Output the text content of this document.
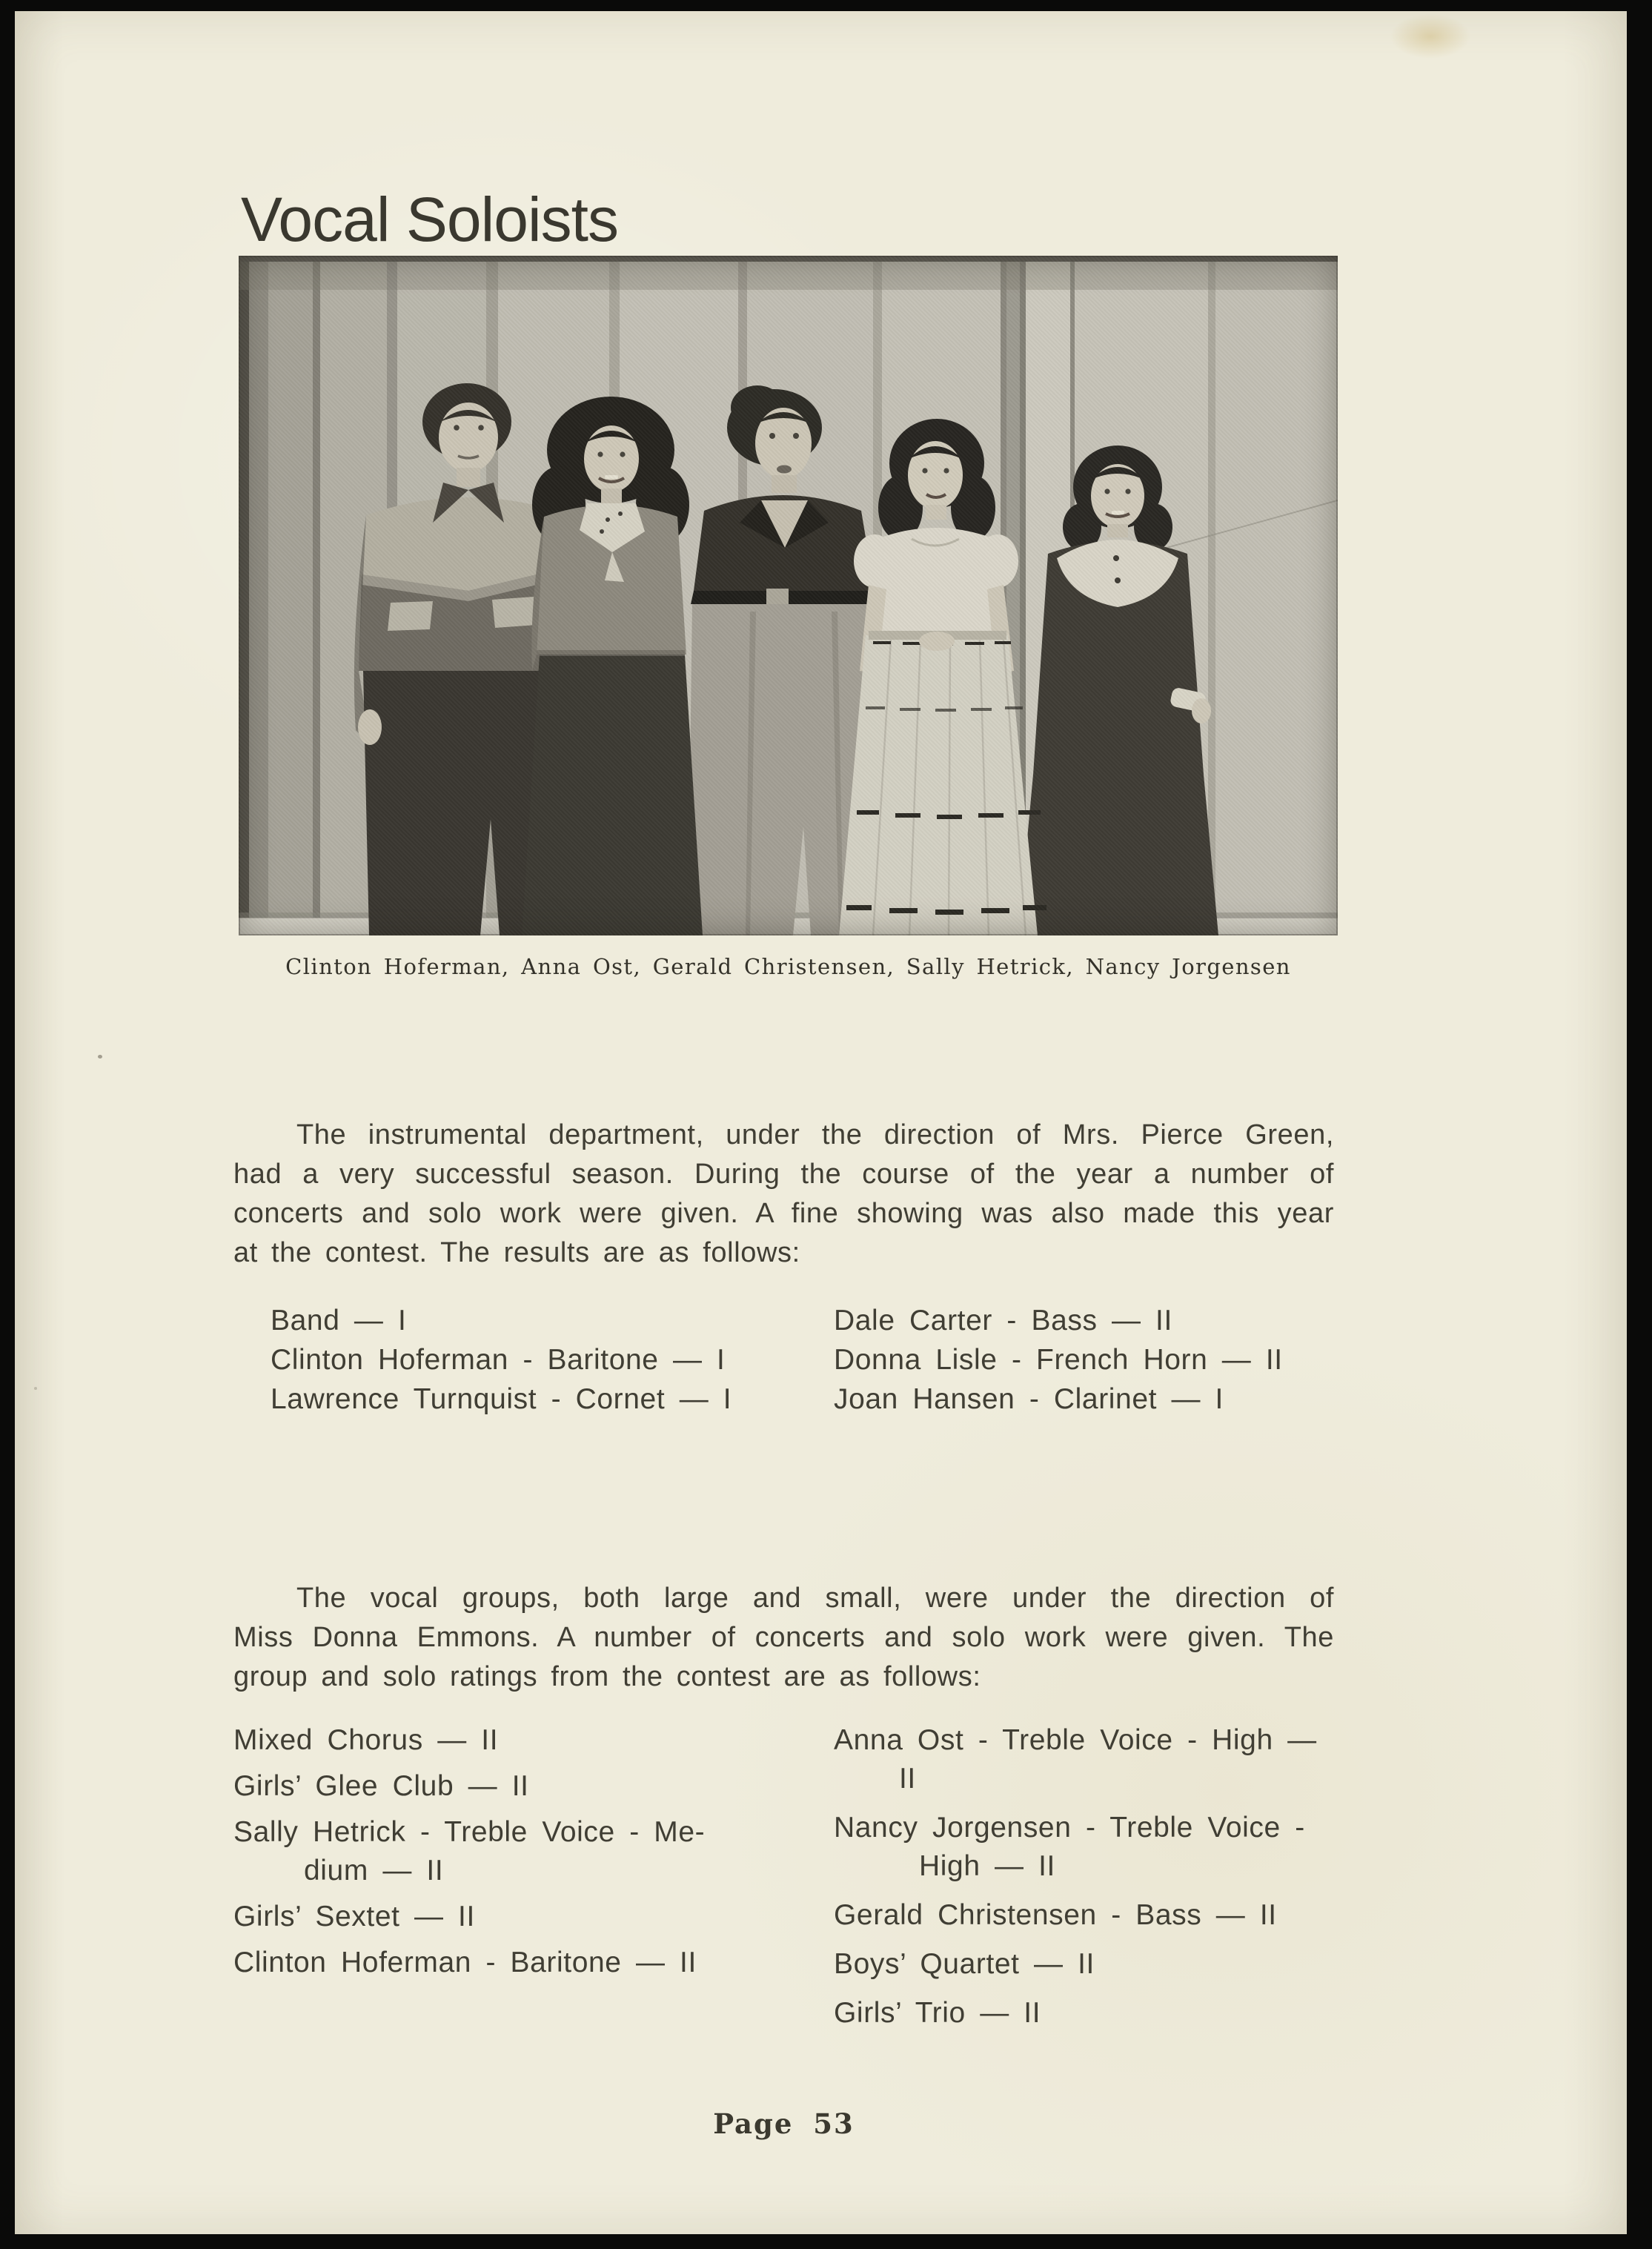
Vocal Soloists
Clinton Hoferman, Anna Ost, Gerald Christensen, Sally Hetrick, Nancy Jorgensen
The instrumental department, under the direction of Mrs. Pierce Green,
had a very successful season. During the course of the year a number of
concerts and solo work were given. A fine showing was also made this year
at the contest. The results are as follows:
Band — I
Clinton Hoferman - Baritone — I
Lawrence Turnquist - Cornet — I
Dale Carter - Bass — II
Donna Lisle - French Horn — II
Joan Hansen - Clarinet — I
The vocal groups, both large and small, were under the direction of
Miss Donna Emmons. A number of concerts and solo work were given. The
group and solo ratings from the contest are as follows:
Mixed Chorus — II
Girls’ Glee Club — II
Sally Hetrick - Treble Voice - Me-
dium — II
Girls’ Sextet — II
Clinton Hoferman - Baritone — II
Anna Ost - Treble Voice - High —
II
Nancy Jorgensen - Treble Voice -
High — II
Gerald Christensen - Bass — II
Boys’ Quartet — II
Girls’ Trio — II
Page 53
